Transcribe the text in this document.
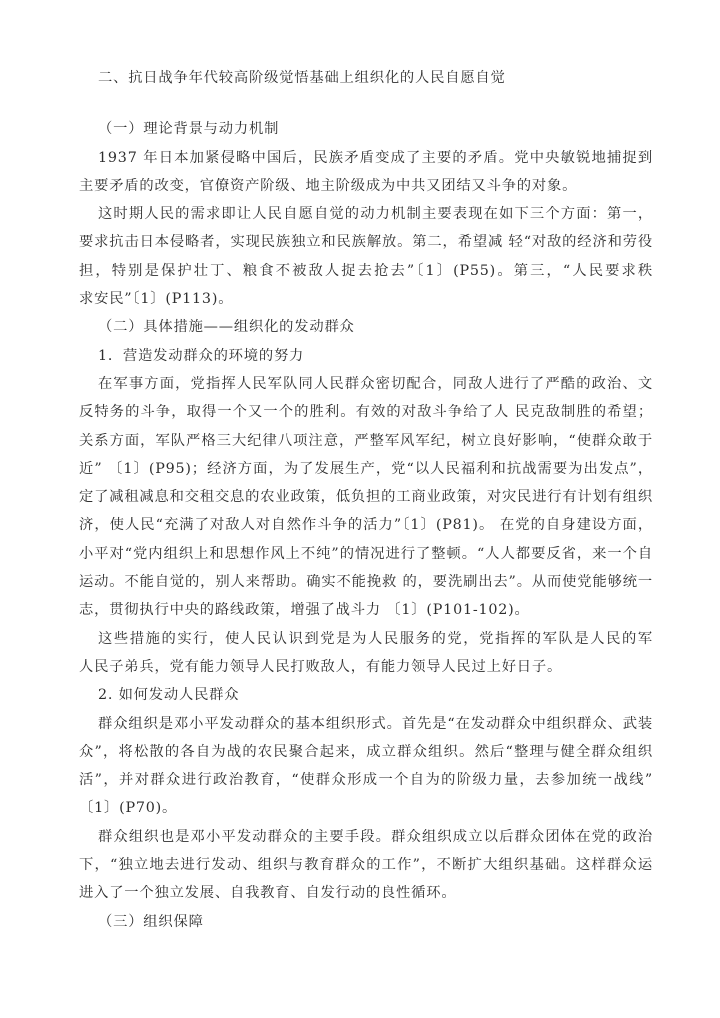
二、抗日战争年代较高阶级觉悟基础上组织化的人民自愿自觉
（一）理论背景与动力机制
1937 年日本加紧侵略中国后，民族矛盾变成了主要的矛盾。党中央敏锐地捕捉到
主要矛盾的改变，官僚资产阶级、地主阶级成为中共又团结又斗争的对象。
这时期人民的需求即让人民自愿自觉的动力机制主要表现在如下三个方面：第一，
要求抗击日本侵略者，实现民族独立和民族解放。第二，希望减 轻“对敌的经济和劳役
担，特别是保护壮丁、粮食不被敌人捉去抢去”〔1〕(P55)。第三，“人民要求秩
求安民”〔1〕(P113)。
（二）具体措施——组织化的发动群众
1．营造发动群众的环境的努力
在军事方面，党指挥人民军队同人民群众密切配合，同敌人进行了严酷的政治、文
反特务的斗争，取得一个又一个的胜利。有效的对敌斗争给了人 民克敌制胜的希望；
关系方面，军队严格三大纪律八项注意，严整军风军纪，树立良好影响，“使群众敢于
近” 〔1〕(P95)；经济方面，为了发展生产，党“以人民福利和抗战需要为出发点”，
定了减租减息和交租交息的农业政策，低负担的工商业政策，对灾民进行有计划有组织
济，使人民“充满了对敌人对自然作斗争的活力”〔1〕(P81)。 在党的自身建设方面，
小平对“党内组织上和思想作风上不纯”的情况进行了整顿。“人人都要反省，来一个自
运动。不能自觉的，别人来帮助。确实不能挽救 的，要洗刷出去”。从而使党能够统一
志，贯彻执行中央的路线政策，增强了战斗力 〔1〕(P101-102)。
这些措施的实行，使人民认识到党是为人民服务的党，党指挥的军队是人民的军
人民子弟兵，党有能力领导人民打败敌人，有能力领导人民过上好日子。
2. 如何发动人民群众
群众组织是邓小平发动群众的基本组织形式。首先是“在发动群众中组织群众、武装
众”，将松散的各自为战的农民聚合起来，成立群众组织。然后“整理与健全群众组织
活”，并对群众进行政治教育，“使群众形成一个自为的阶级力量，去参加统一战线”
〔1〕(P70)。
群众组织也是邓小平发动群众的主要手段。群众组织成立以后群众团体在党的政治
下，“独立地去进行发动、组织与教育群众的工作”，不断扩大组织基础。这样群众运
进入了一个独立发展、自我教育、自发行动的良性循环。
（三）组织保障
